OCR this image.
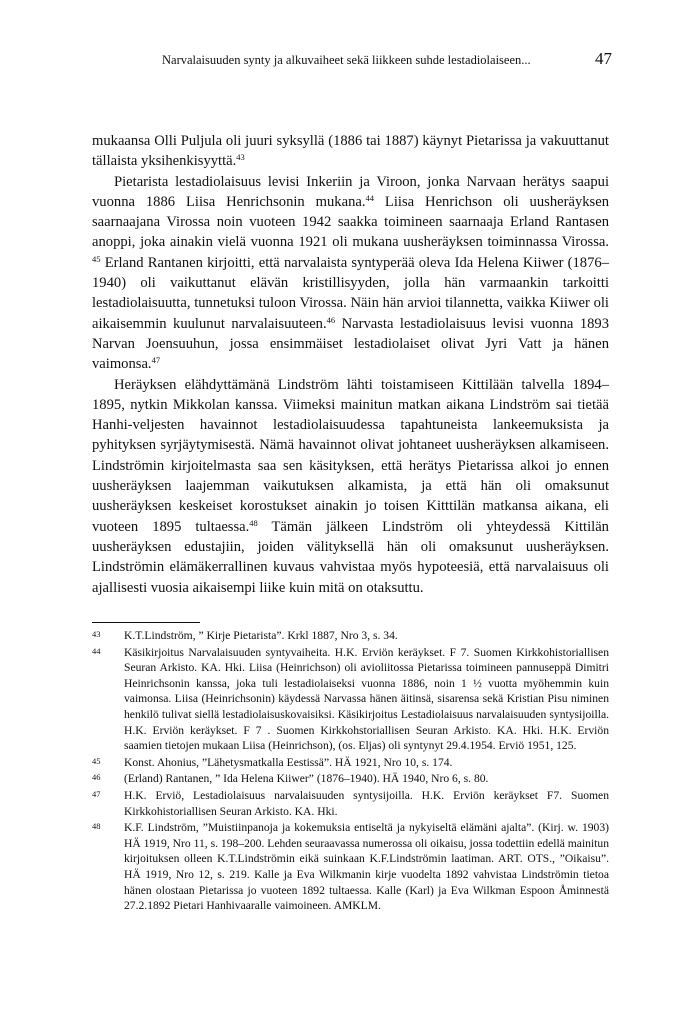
Narvalaisuuden synty ja alkuvaiheet sekä liikkeen suhde lestadiolaiseen...	47

mukaansa Olli Puljula oli juuri syksyllä (1886 tai 1887) käynyt Pietarissa ja vakuuttanut tällaista yksihenkisyyttä.$^{43}$

Pietarista lestadiolaisuus levisi Inkeriin ja Viroon, jonka Narvaan herätys saapui vuonna 1886 Liisa Henrichsonin mukana.$^{44}$ Liisa Henrichson oli uusheräyksen saarnaajana Virossa noin vuoteen 1942 saakka toimineen saarnaaja Erland Rantasen anoppi, joka ainakin vielä vuonna 1921 oli mukana uusheräyksen toiminnassa Virossa. $^{45}$ Erland Rantanen kirjoitti, että narvalaista syntyperää oleva Ida Helena Kiiwer (1876–1940) oli vaikuttanut elävän kristillisyyden, jolla hän varmaankin tarkoitti lestadiolaisuutta, tunnetuksi tuloon Virossa. Näin hän arvioi tilannetta, vaikka Kiiwer oli aikaisemmin kuulunut narvalaisuuteen.$^{46}$ Narvasta lestadiolaisuus levisi vuonna 1893 Narvan Joensuuhun, jossa ensimmäiset lestadiolaiset olivat Jyri Vatt ja hänen vaimonsa.$^{47}$

Heräyksen elähdyttämänä Lindström lähti toistamiseen Kittilään talvella 1894–1895, nytkin Mikkolan kanssa. Viimeksi mainitun matkan aikana Lindström sai tietää Hanhi-veljesten havainnot lestadiolaisuudessa tapahtuneista lankeemuksista ja pyhityksen syrjäytymisestä. Nämä havainnot olivat johtaneet uusheräyksen alkamiseen. Lindströmin kirjoitelmasta saa sen käsityksen, että herätys Pietarissa alkoi jo ennen uusheräyksen laajemman vaikutuksen alkamista, ja että hän oli omaksunut uusheräyksen keskeiset korostukset ainakin jo toisen Kitttilän matkansa aikana, eli vuoteen 1895 tultaessa.$^{48}$ Tämän jälkeen Lindström oli yhteydessä Kittilän uusheräyksen edustajiin, joiden välityksellä hän oli omaksunut uusheräyksen. Lindströmin elämäkerrallinen kuvaus vahvistaa myös hypoteesiä, että narvalaisuus oli ajallisesti vuosia aikaisempi liike kuin mitä on otaksuttu.

43 K.T.Lindström, ” Kirje Pietarista”. Krkl 1887, Nro 3, s. 34.
44 Käsikirjoitus Narvalaisuuden syntyvaiheita. H.K. Erviön keräykset. F 7. Suomen Kirkkohistoriallisen Seuran Arkisto. KA. Hki. Liisa (Heinrichson) oli avioliitossa Pietarissa toimineen pannuseppä Dimitri Heinrichsonin kanssa, joka tuli lestadiolaiseksi vuonna 1886, noin 1 ½ vuotta myöhemmin kuin vaimonsa. Liisa (Heinrichsonin) käydessä Narvassa hänen äitinsä, sisarensa sekä Kristian Pisu niminen henkilö tulivat siellä lestadiolaisuskovaisiksi. Käsikirjoitus Lestadiolaisuus narvalaisuuden syntysijoilla. H.K. Erviön keräykset. F 7 . Suomen Kirkkohstoriallisen Seuran Arkisto. KA. Hki. H.K. Erviön saamien tietojen mukaan Liisa (Heinrichson), (os. Eljas) oli syntynyt 29.4.1954. Erviö 1951, 125.
45 Konst. Ahonius, ”Lähetysmatkalla Eestissä”. HÄ 1921, Nro 10, s. 174.
46 (Erland) Rantanen, ” Ida Helena Kiiwer” (1876–1940). HÄ 1940, Nro 6, s. 80.
47 H.K. Erviö, Lestadiolaisuus narvalaisuuden syntysijoilla. H.K. Erviön keräykset F7. Suomen Kirkkohistoriallisen Seuran Arkisto. KA. Hki.
48 K.F. Lindström, ”Muistiinpanoja ja kokemuksia entiseltä ja nykyiseltä elämäni ajalta”. (Kirj. w. 1903) HÄ 1919, Nro 11, s. 198–200. Lehden seuraavassa numerossa oli oikaisu, jossa todettiin edellä mainitun kirjoituksen olleen K.T.Lindströmin eikä suinkaan K.F.Lindströmin laatiman. ART. OTS., ”Oikaisu”. HÄ 1919, Nro 12, s. 219. Kalle ja Eva Wilkmanin kirje vuodelta 1892 vahvistaa Lindströmin tietoa hänen olostaan Pietarissa jo vuoteen 1892 tultaessa. Kalle (Karl) ja Eva Wilkman Espoon Åminnestä 27.2.1892 Pietari Hanhivaaralle vaimoineen. AMKLM.
